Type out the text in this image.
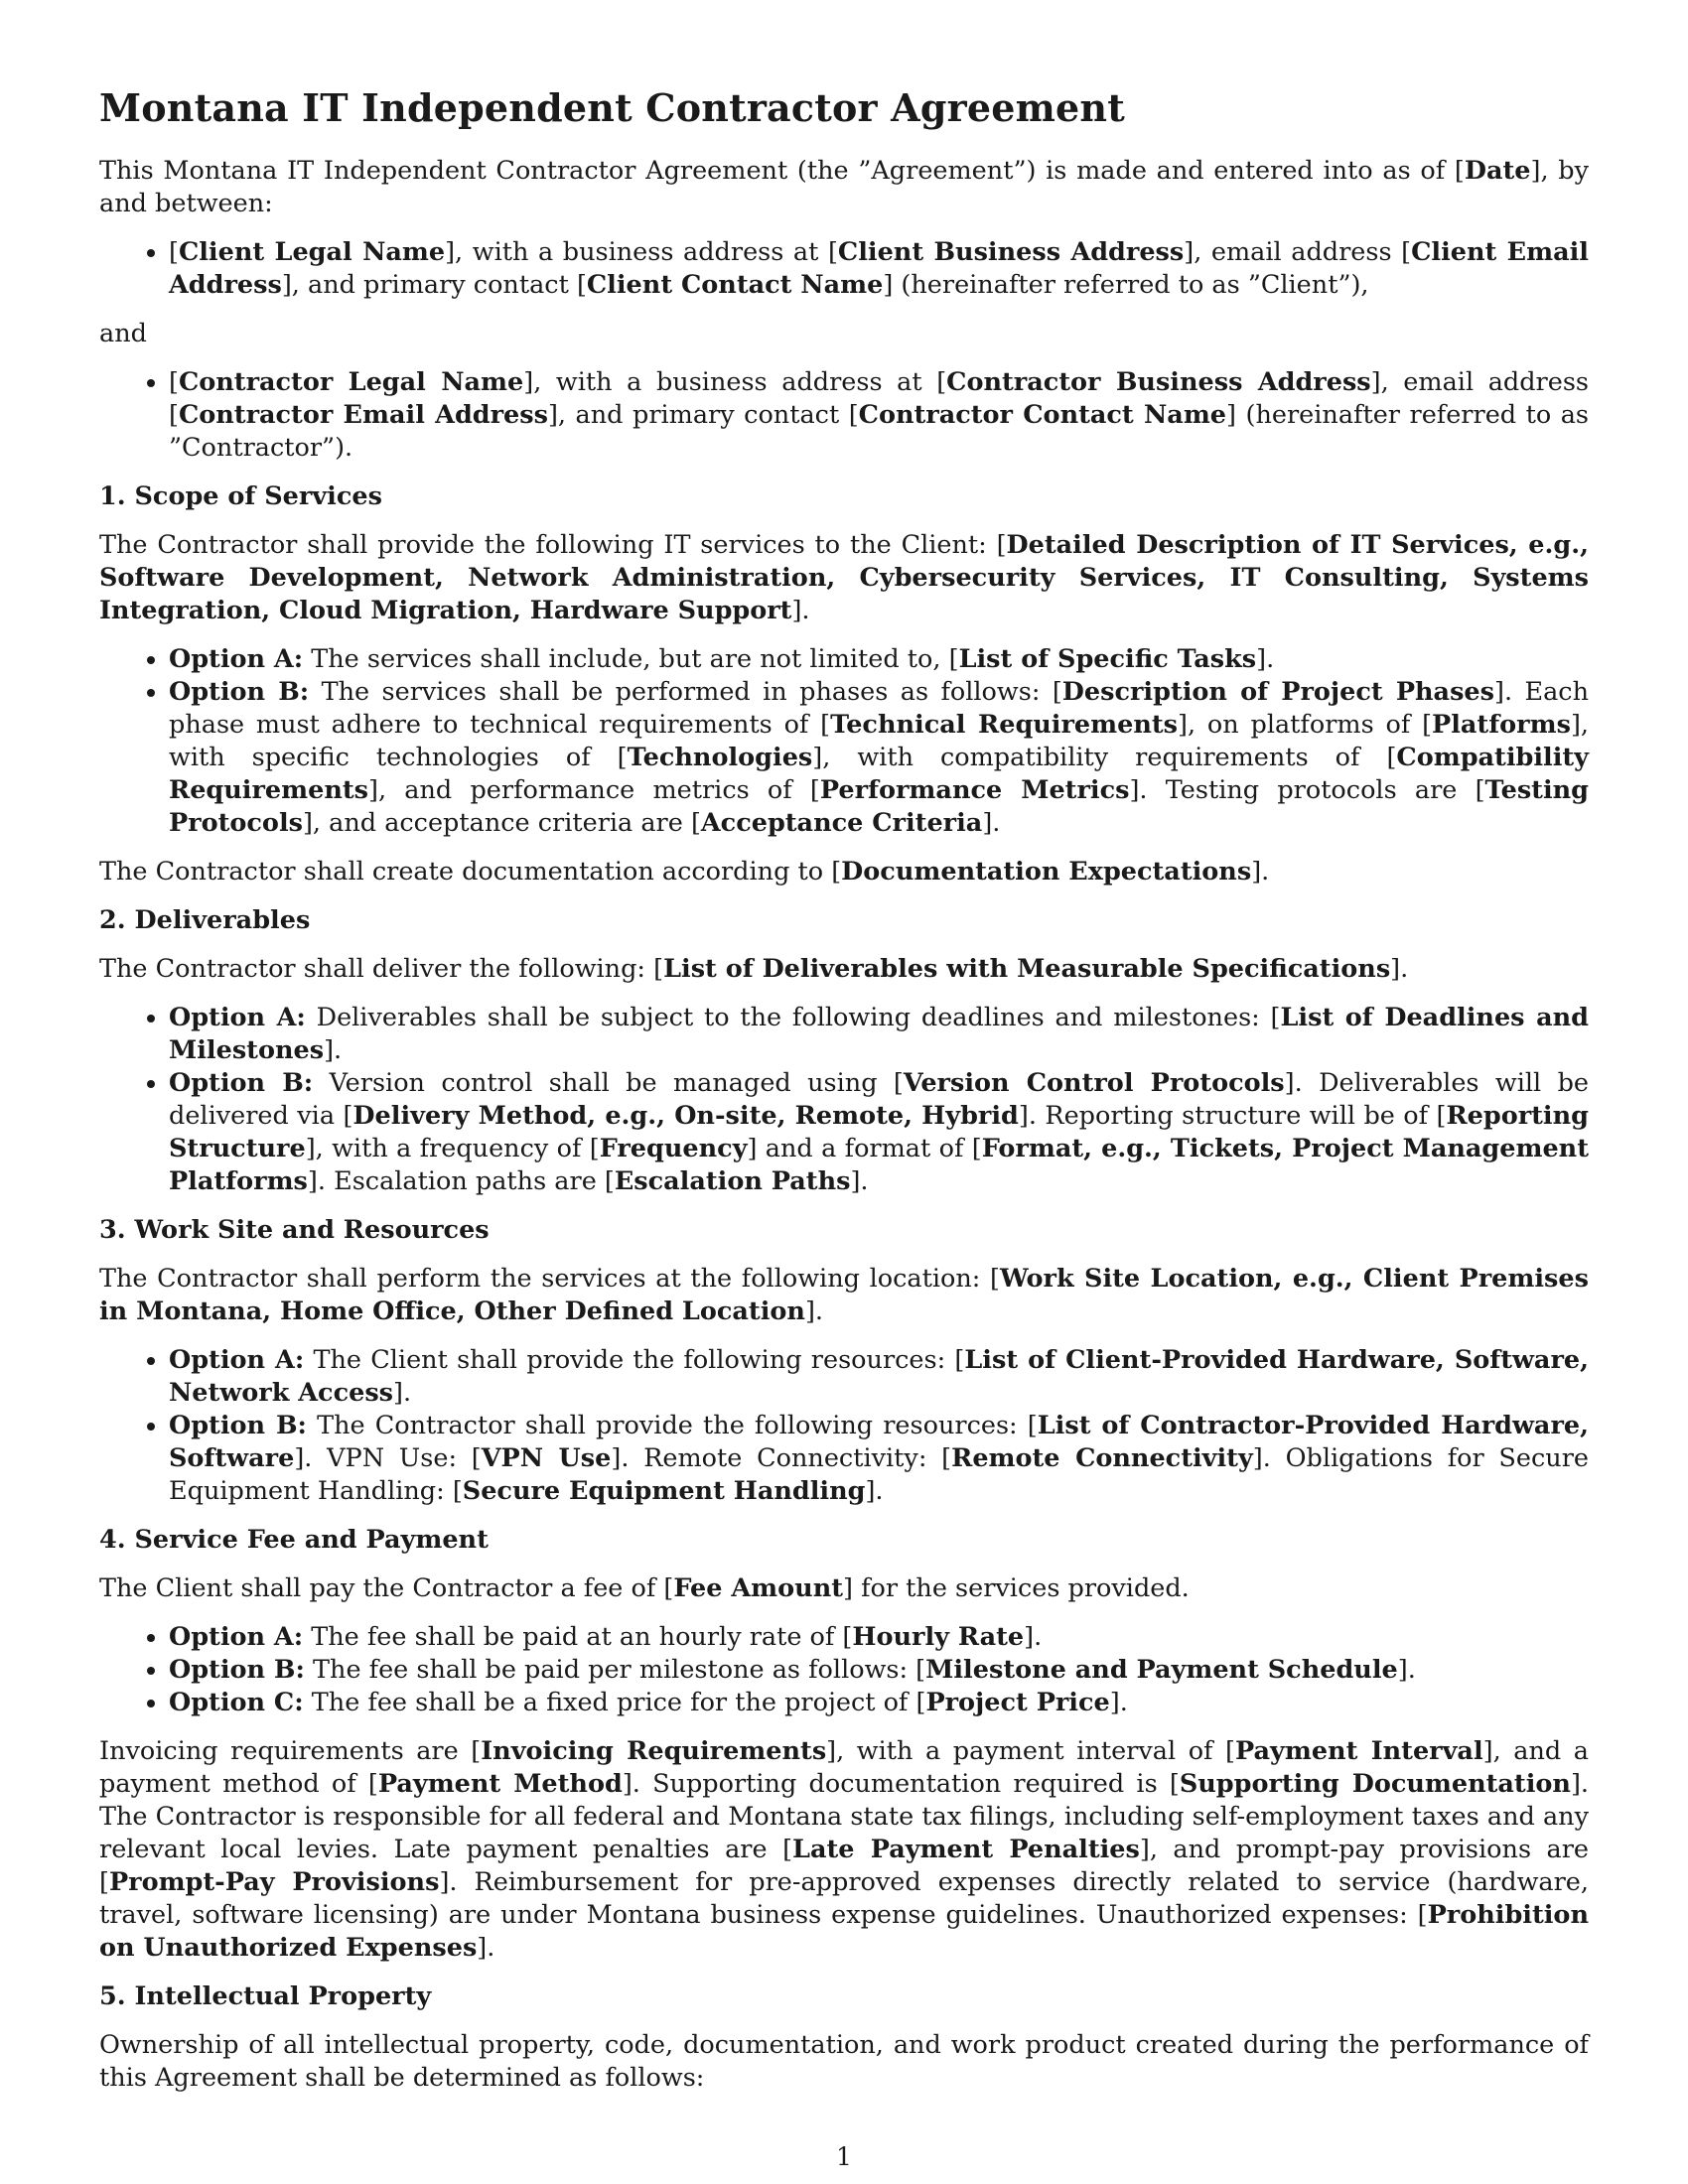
Montana IT Independent Contractor Agreement

This Montana IT Independent Contractor Agreement (the ”Agreement”) is made and entered into as of [Date], by and between:

• [Client Legal Name], with a business address at [Client Business Address], email address [Client Email Address], and primary contact [Client Contact Name] (hereinafter referred to as ”Client”),

and

• [Contractor Legal Name], with a business address at [Contractor Business Address], email address [Contractor Email Address], and primary contact [Contractor Contact Name] (hereinafter referred to as ”Contractor”).
1. Scope of Services

The Contractor shall provide the following IT services to the Client: [Detailed Description of IT Services, e.g., Software Development, Network Administration, Cybersecurity Services, IT Consulting, Systems Integration, Cloud Migration, Hardware Support].

• Option A: The services shall include, but are not limited to, [List of Specific Tasks].
• Option B: The services shall be performed in phases as follows: [Description of Project Phases]. Each phase must adhere to technical requirements of [Technical Requirements], on platforms of [Platforms], with specific technologies of [Technologies], with compatibility requirements of [Compatibility Requirements], and performance metrics of [Performance Metrics]. Testing protocols are [Testing Protocols], and acceptance criteria are [Acceptance Criteria].

The Contractor shall create documentation according to [Documentation Expectations].

2. Deliverables

The Contractor shall deliver the following: [List of Deliverables with Measurable Specifications].

• Option A: Deliverables shall be subject to the following deadlines and milestones: [List of Deadlines and Milestones].
• Option B: Version control shall be managed using [Version Control Protocols]. Deliverables will be delivered via [Delivery Method, e.g., On-site, Remote, Hybrid]. Reporting structure will be of [Reporting Structure], with a frequency of [Frequency] and a format of [Format, e.g., Tickets, Project Management Platforms]. Escalation paths are [Escalation Paths].
3. Work Site and Resources

The Contractor shall perform the services at the following location: [Work Site Location, e.g., Client Premises in Montana, Home Office, Other Defined Location].

• Option A: The Client shall provide the following resources: [List of Client-Provided Hardware, Software, Network Access].
• Option B: The Contractor shall provide the following resources: [List of Contractor-Provided Hardware, Software]. VPN Use: [VPN Use]. Remote Connectivity: [Remote Connectivity]. Obligations for Secure Equipment Handling: [Secure Equipment Handling].
4. Service Fee and Payment

The Client shall pay the Contractor a fee of [Fee Amount] for the services provided.

• Option A: The fee shall be paid at an hourly rate of [Hourly Rate].
• Option B: The fee shall be paid per milestone as follows: [Milestone and Payment Schedule].
• Option C: The fee shall be a fixed price for the project of [Project Price].

Invoicing requirements are [Invoicing Requirements], with a payment interval of [Payment Interval], and a payment method of [Payment Method]. Supporting documentation required is [Supporting Documentation]. The Contractor is responsible for all federal and Montana state tax filings, including self-employment taxes and any relevant local levies. Late payment penalties are [Late Payment Penalties], and prompt-pay provisions are [Prompt-Pay Provisions]. Reimbursement for pre-approved expenses directly related to service (hardware, travel, software licensing) are under Montana business expense guidelines. Unauthorized expenses: [Prohibition on Unauthorized Expenses].

5. Intellectual Property

Ownership of all intellectual property, code, documentation, and work product created during the performance of this Agreement shall be determined as follows:

1
